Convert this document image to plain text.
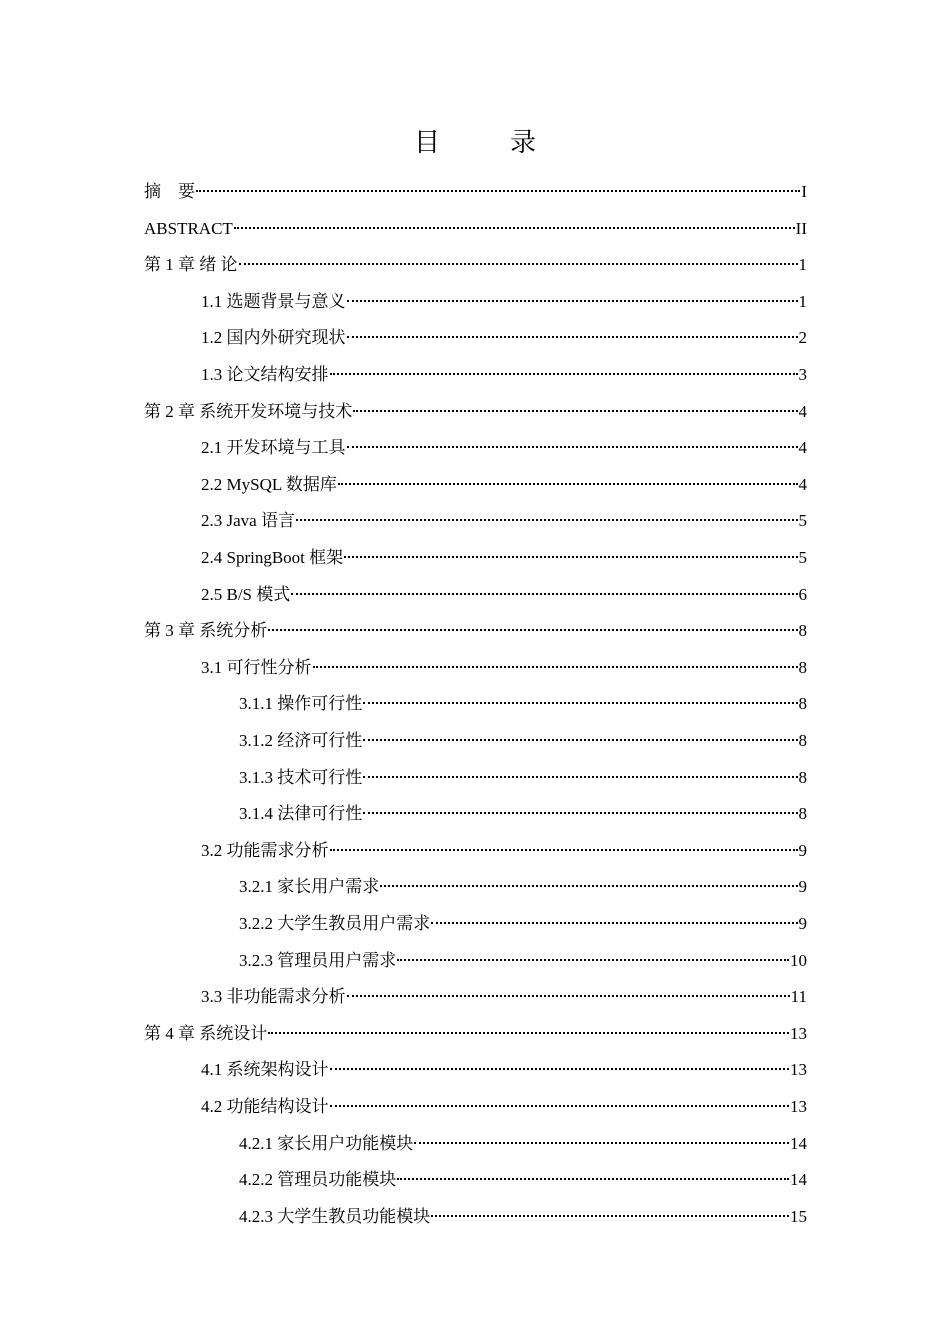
目　录
摘　要	I
ABSTRACT	II
第 1 章 绪 论	1
1.1 选题背景与意义	1
1.2 国内外研究现状	2
1.3 论文结构安排	3
第 2 章 系统开发环境与技术	4
2.1 开发环境与工具	4
2.2 MySQL 数据库	4
2.3 Java 语言	5
2.4 SpringBoot 框架	5
2.5 B/S 模式	6
第 3 章 系统分析	8
3.1 可行性分析	8
3.1.1 操作可行性	8
3.1.2 经济可行性	8
3.1.3 技术可行性	8
3.1.4 法律可行性	8
3.2 功能需求分析	9
3.2.1 家长用户需求	9
3.2.2 大学生教员用户需求	9
3.2.3 管理员用户需求	10
3.3 非功能需求分析	11
第 4 章 系统设计	13
4.1 系统架构设计	13
4.2 功能结构设计	13
4.2.1 家长用户功能模块	14
4.2.2 管理员功能模块	14
4.2.3 大学生教员功能模块	15
